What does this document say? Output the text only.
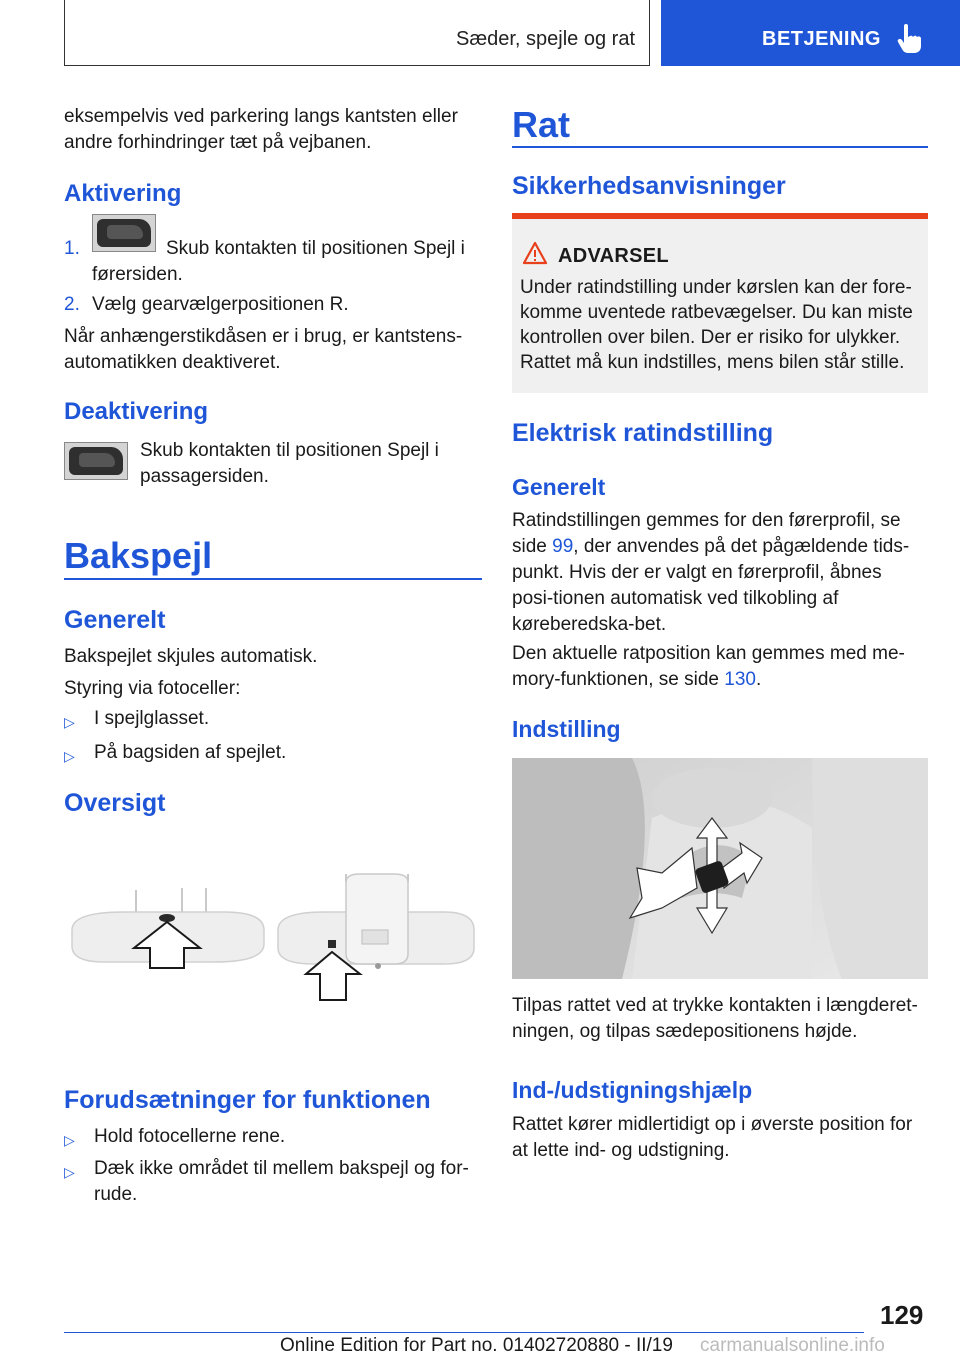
Sæder, spejle og rat	BETJENING
eksempelvis ved parkering langs kantsten eller andre forhindringer tæt på vejbanen.
Aktivering
1.	Skub kontakten til positionen Spejl i førersiden.
2. Vælg gearvælgerpositionen R.
Når anhængerstikdåsen er i brug, er kantstens‐automatikken deaktiveret.
Deaktivering
Skub kontakten til positionen Spejl i passagersiden.
Bakspejl
Generelt
Bakspejlet skjules automatisk.
Styring via fotoceller:
▷ I spejlglasset.
▷ På bagsiden af spejlet.
Oversigt
Forudsætninger for funktionen
▷ Hold fotocellerne rene.
▷ Dæk ikke området til mellem bakspejl og for‐rude.
Rat
Sikkerhedsanvisninger
ADVARSEL
Under ratindstilling under kørslen kan der fore‐komme uventede ratbevægelser. Du kan miste kontrollen over bilen. Der er risiko for ulykker. Rattet må kun indstilles, mens bilen står stille.
Elektrisk ratindstilling
Generelt
Ratindstillingen gemmes for den førerprofil, se side 99, der anvendes på det pågældende tids‐punkt. Hvis der er valgt en førerprofil, åbnes posi‐tionen automatisk ved tilkobling af køreberedska‐bet.
Den aktuelle ratposition kan gemmes med me‐mory-funktionen, se side 130.
Indstilling
Tilpas rattet ved at trykke kontakten i længderet‐ningen, og tilpas sædepositionens højde.
Ind-/udstigningshjælp
Rattet kører midlertidigt op i øverste position for at lette ind- og udstigning.
129
Online Edition for Part no. 01402720880 - II/19 carmanualsonline.info
